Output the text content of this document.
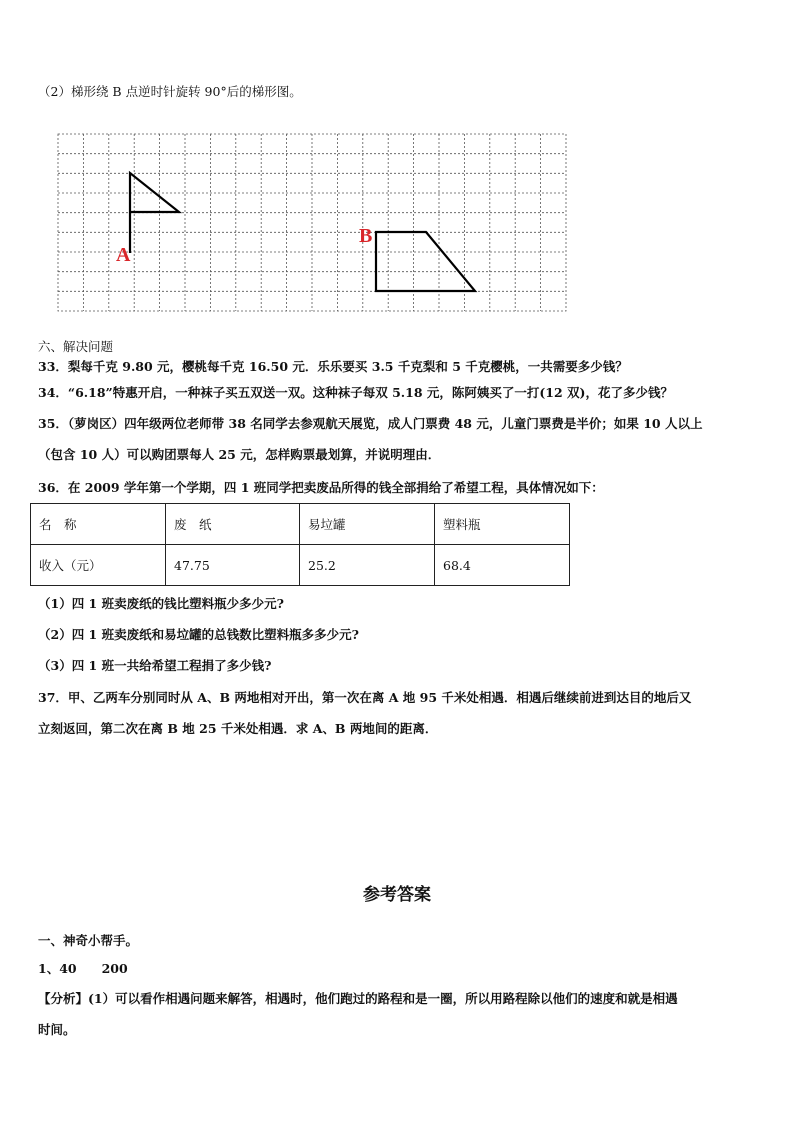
（2）梯形绕 B 点逆时针旋转 90°后的梯形图。
A
B
六、解决问题
33．梨每千克 9.80 元，樱桃每千克 16.50 元．乐乐要买 3.5 千克梨和 5 千克樱桃，一共需要多少钱？
34．“6.18”特惠开启，一种袜子买五双送一双。这种袜子每双 5.18 元，陈阿姨买了一打(12 双)，花了多少钱？
35．（萝岗区）四年级两位老师带 38 名同学去参观航天展览，成人门票费 48 元，儿童门票费是半价；如果 10 人以上
（包含 10 人）可以购团票每人 25 元，怎样购票最划算，并说明理由．
36．在 2009 学年第一个学期，四 1 班同学把卖废品所得的钱全部捐给了希望工程，具体情况如下：
名　称	废　纸	易垃罐	塑料瓶
收入（元）	47.75	25.2	68.4
（1）四 1 班卖废纸的钱比塑料瓶少多少元?
（2）四 1 班卖废纸和易垃罐的总钱数比塑料瓶多多少元?
（3）四 1 班一共给希望工程捐了多少钱?
37．甲、乙两车分别同时从 A、B 两地相对开出，第一次在离 A 地 95 千米处相遇．相遇后继续前进到达目的地后又
立刻返回，第二次在离 B 地 25 千米处相遇．求 A、B 两地间的距离．
参考答案
一、神奇小帮手。
1、40　　200
【分析】(1）可以看作相遇问题来解答，相遇时，他们跑过的路程和是一圈，所以用路程除以他们的速度和就是相遇
时间。
